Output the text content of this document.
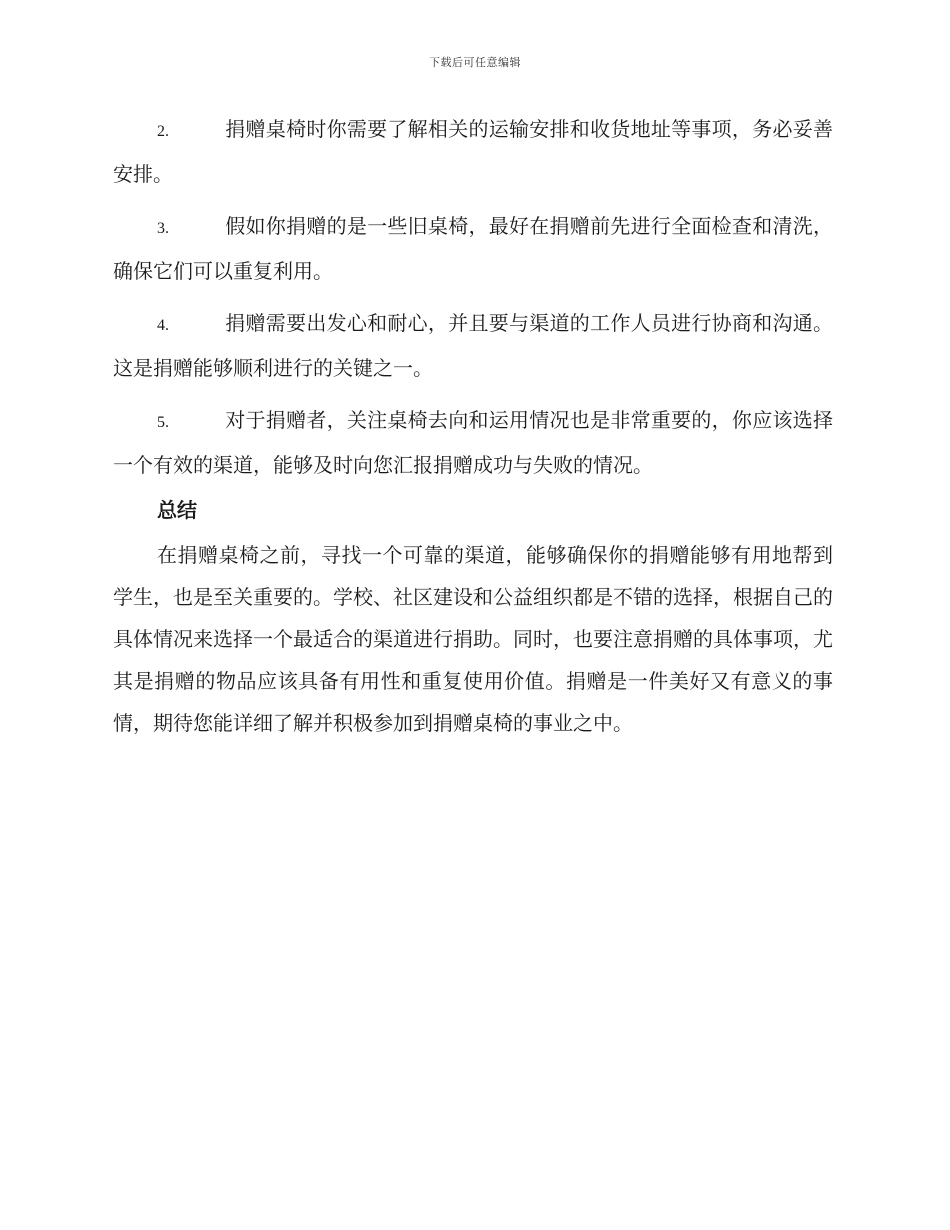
下载后可任意编辑
2.	捐赠桌椅时你需要了解相关的运输安排和收货地址等事项，务必妥善安排。
3.	假如你捐赠的是一些旧桌椅，最好在捐赠前先进行全面检查和清洗，确保它们可以重复利用。
4.	捐赠需要出发心和耐心，并且要与渠道的工作人员进行协商和沟通。这是捐赠能够顺利进行的关键之一。
5.	对于捐赠者，关注桌椅去向和运用情况也是非常重要的，你应该选择一个有效的渠道，能够及时向您汇报捐赠成功与失败的情况。
总结
在捐赠桌椅之前，寻找一个可靠的渠道，能够确保你的捐赠能够有用地帮到学生，也是至关重要的。学校、社区建设和公益组织都是不错的选择，根据自己的具体情况来选择一个最适合的渠道进行捐助。同时，也要注意捐赠的具体事项，尤其是捐赠的物品应该具备有用性和重复使用价值。捐赠是一件美好又有意义的事情，期待您能详细了解并积极参加到捐赠桌椅的事业之中。
